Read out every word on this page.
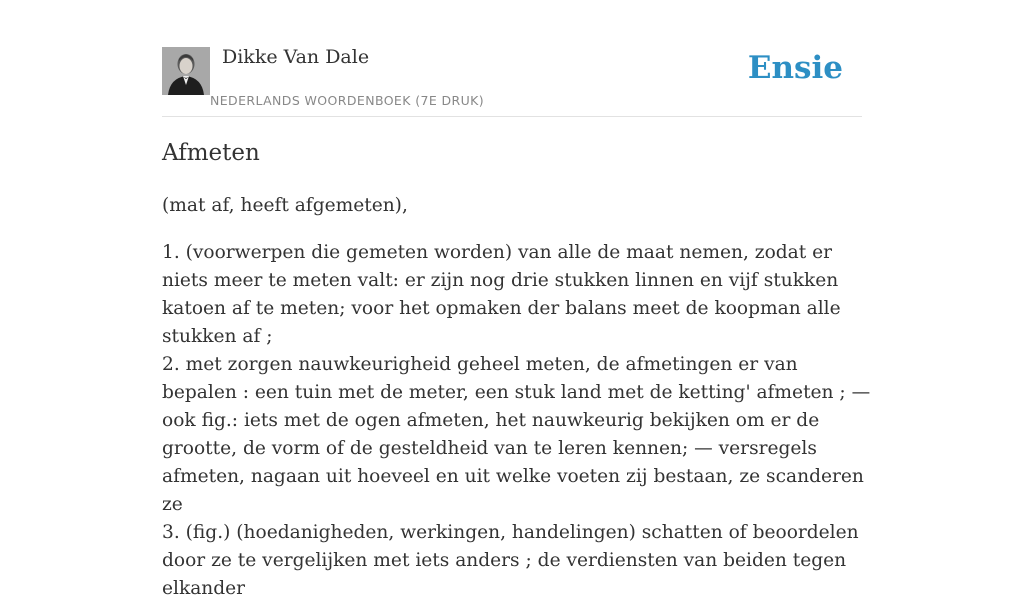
Dikke Van Dale
NEDERLANDS WOORDENBOEK (7E DRUK)
Ensie
Afmeten

(mat af, heeft afgemeten),

1. (voorwerpen die gemeten worden) van alle de maat nemen, zodat er niets meer te meten valt: er zijn nog drie stukken linnen en vijf stukken katoen af te meten; voor het opmaken der balans meet de koopman alle stukken af ;

2. met zorgen nauwkeurigheid geheel meten, de afmetingen er van bepalen : een tuin met de meter, een stuk land met de ketting' afmeten ; — ook fig.: iets met de ogen afmeten, het nauwkeurig bekijken om er de grootte, de vorm of de gesteldheid van te leren kennen; — versregels afmeten, nagaan uit hoeveel en uit welke voeten zij bestaan, ze scanderen ze

3. (fig.) (hoedanigheden, werkingen, handelingen) schatten of beoordelen door ze te vergelijken met iets anders ; de verdiensten van beiden tegen elkander
